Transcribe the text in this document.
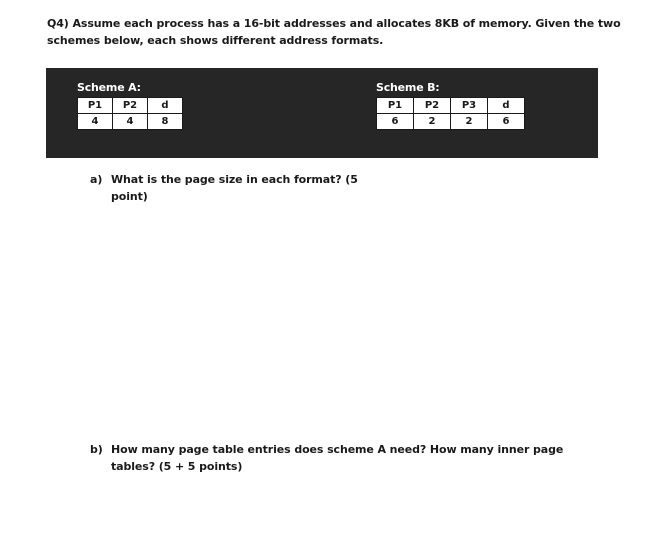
Q4) Assume each process has a 16-bit addresses and allocates 8KB of memory. Given the two schemes below, each shows different address formats.
Scheme A:
P1	P2	d
4	4	8
Scheme B:
P1	P2	P3	d
6	2	2	6
a) What is the page size in each format? (5 point)
b) How many page table entries does scheme A need? How many inner page tables? (5 + 5 points)
